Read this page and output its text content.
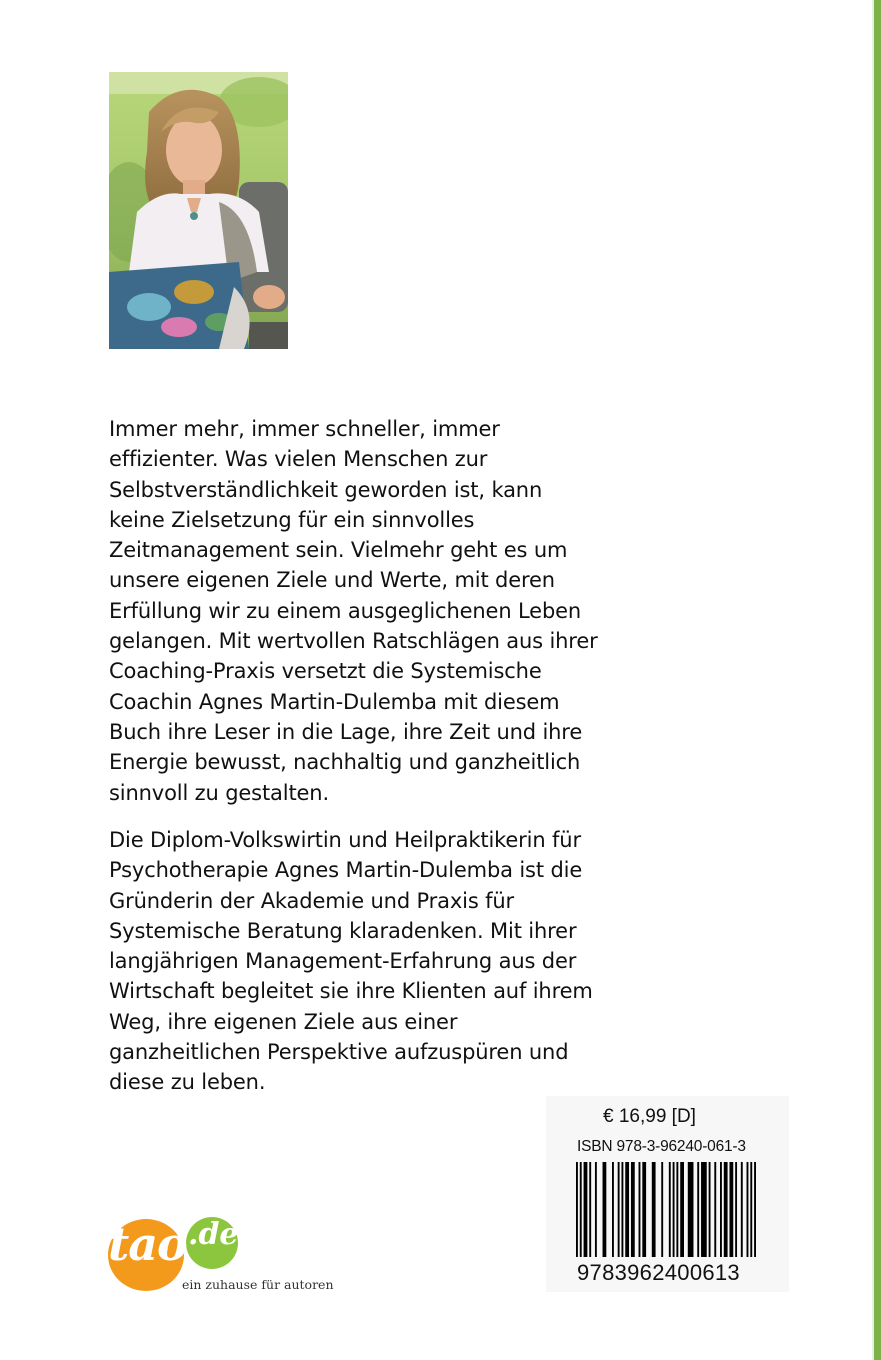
Immer mehr, immer schneller, immer
effizienter. Was vielen Menschen zur
Selbstverständlichkeit geworden ist, kann
keine Zielsetzung für ein sinnvolles
Zeitmanagement sein. Vielmehr geht es um
unsere eigenen Ziele und Werte, mit deren
Erfüllung wir zu einem ausgeglichenen Leben
gelangen. Mit wertvollen Ratschlägen aus ihrer
Coaching-Praxis versetzt die Systemische
Coachin Agnes Martin-Dulemba mit diesem
Buch ihre Leser in die Lage, ihre Zeit und ihre
Energie bewusst, nachhaltig und ganzheitlich
sinnvoll zu gestalten.
Die Diplom-Volkswirtin und Heilpraktikerin für
Psychotherapie Agnes Martin-Dulemba ist die
Gründerin der Akademie und Praxis für
Systemische Beratung klaradenken. Mit ihrer
langjährigen Management-Erfahrung aus der
Wirtschaft begleitet sie ihre Klienten auf ihrem
Weg, ihre eigenen Ziele aus einer
ganzheitlichen Perspektive aufzuspüren und
diese zu leben.
€ 16,99 [D]
ISBN 978-3-96240-061-3
9783962400613
tao .de
ein zuhause für autoren
